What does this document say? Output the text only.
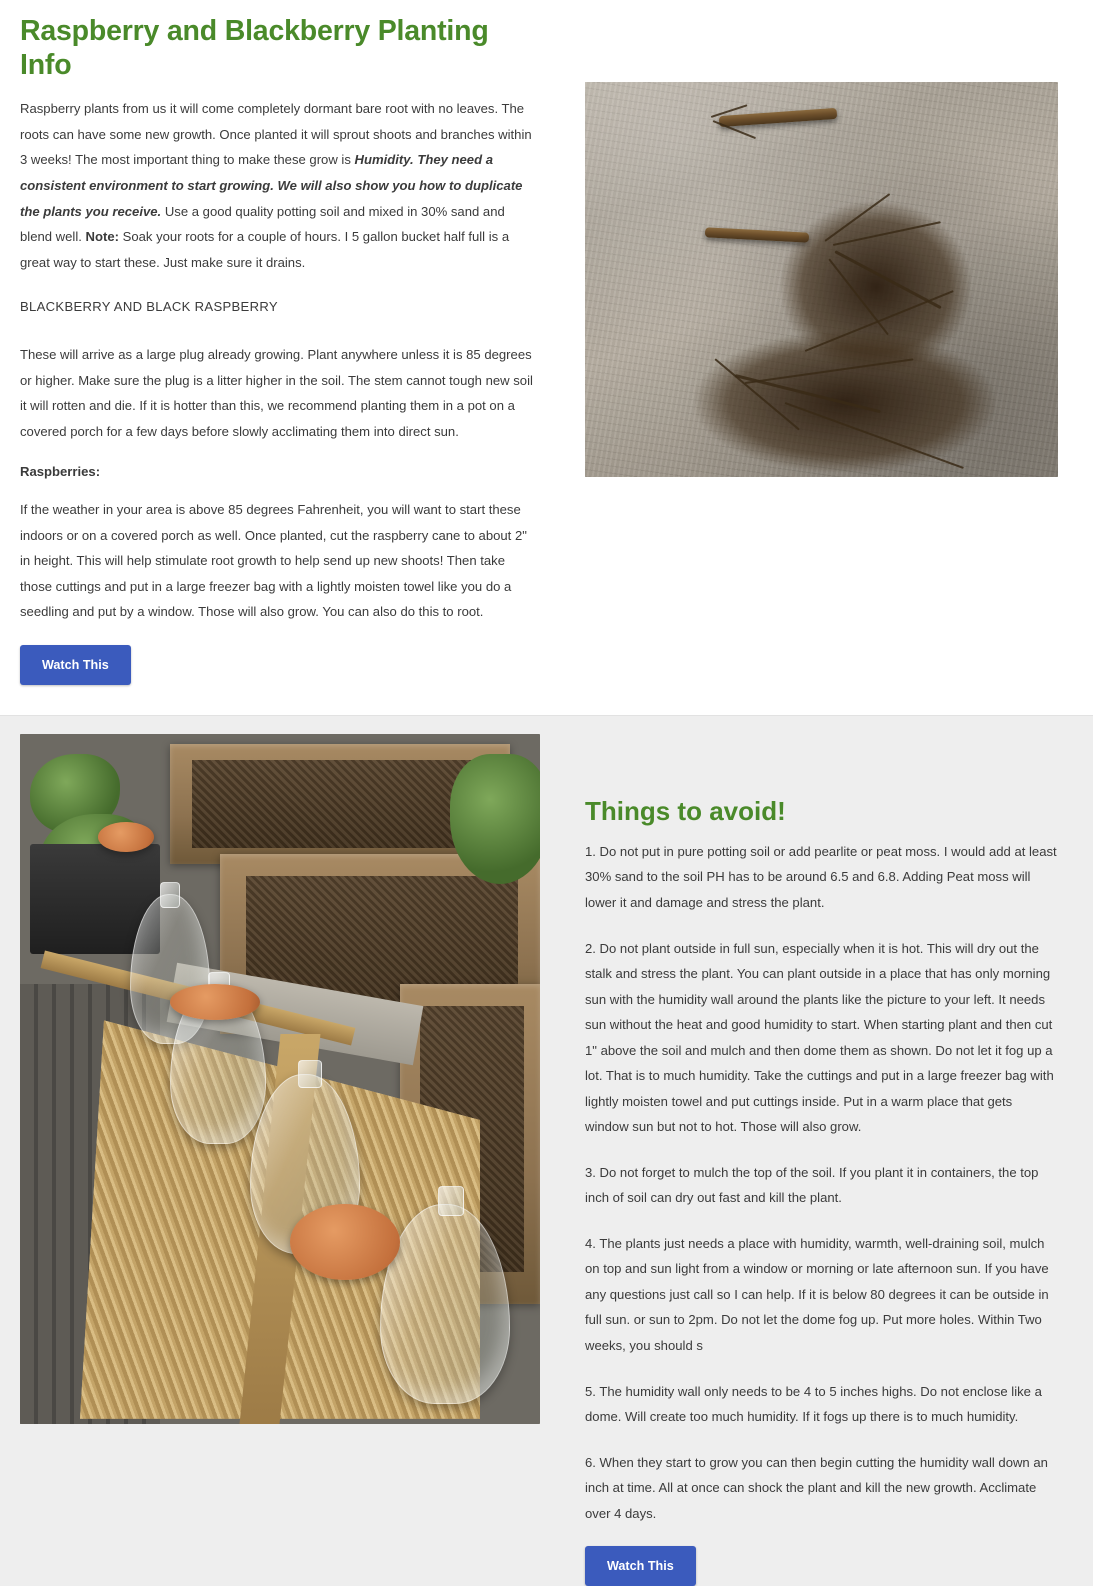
Raspberry and Blackberry Planting Info

Raspberry plants from us it will come completely dormant bare root with no leaves. The roots can have some new growth. Once planted it will sprout shoots and branches within 3 weeks! The most important thing to make these grow is Humidity. They need a consistent environment to start growing. We will also show you how to duplicate the plants you receive. Use a good quality potting soil and mixed in 30% sand and blend well. Note: Soak your roots for a couple of hours. I 5 gallon bucket half full is a great way to start these. Just make sure it drains.

BLACKBERRY AND BLACK RASPBERRY

These will arrive as a large plug already growing. Plant anywhere unless it is 85 degrees or higher. Make sure the plug is a litter higher in the soil. The stem cannot tough new soil it will rotten and die. If it is hotter than this, we recommend planting them in a pot on a covered porch for a few days before slowly acclimating them into direct sun.

Raspberries:

If the weather in your area is above 85 degrees Fahrenheit, you will want to start these indoors or on a covered porch as well. Once planted, cut the raspberry cane to about 2" in height. This will help stimulate root growth to help send up new shoots! Then take those cuttings and put in a large freezer bag with a lightly moisten towel like you do a seedling and put by a window. Those will also grow. You can also do this to root.

Watch This
Things to avoid!

1. Do not put in pure potting soil or add pearlite or peat moss. I would add at least 30% sand to the soil PH has to be around 6.5 and 6.8. Adding Peat moss will lower it and damage and stress the plant.

2. Do not plant outside in full sun, especially when it is hot. This will dry out the stalk and stress the plant. You can plant outside in a place that has only morning sun with the humidity wall around the plants like the picture to your left. It needs sun without the heat and good humidity to start. When starting plant and then cut 1" above the soil and mulch and then dome them as shown. Do not let it fog up a lot. That is to much humidity. Take the cuttings and put in a large freezer bag with lightly moisten towel and put cuttings inside. Put in a warm place that gets window sun but not to hot. Those will also grow.

3. Do not forget to mulch the top of the soil. If you plant it in containers, the top inch of soil can dry out fast and kill the plant.

4. The plants just needs a place with humidity, warmth, well-draining soil, mulch on top and sun light from a window or morning or late afternoon sun. If you have any questions just call so I can help. If it is below 80 degrees it can be outside in full sun. or sun to 2pm. Do not let the dome fog up. Put more holes. Within Two weeks, you should s

5. The humidity wall only needs to be 4 to 5 inches highs. Do not enclose like a dome. Will create too much humidity. If it fogs up there is to much humidity.

6. When they start to grow you can then begin cutting the humidity wall down an inch at time. All at once can shock the plant and kill the new growth. Acclimate over 4 days.

Watch This
